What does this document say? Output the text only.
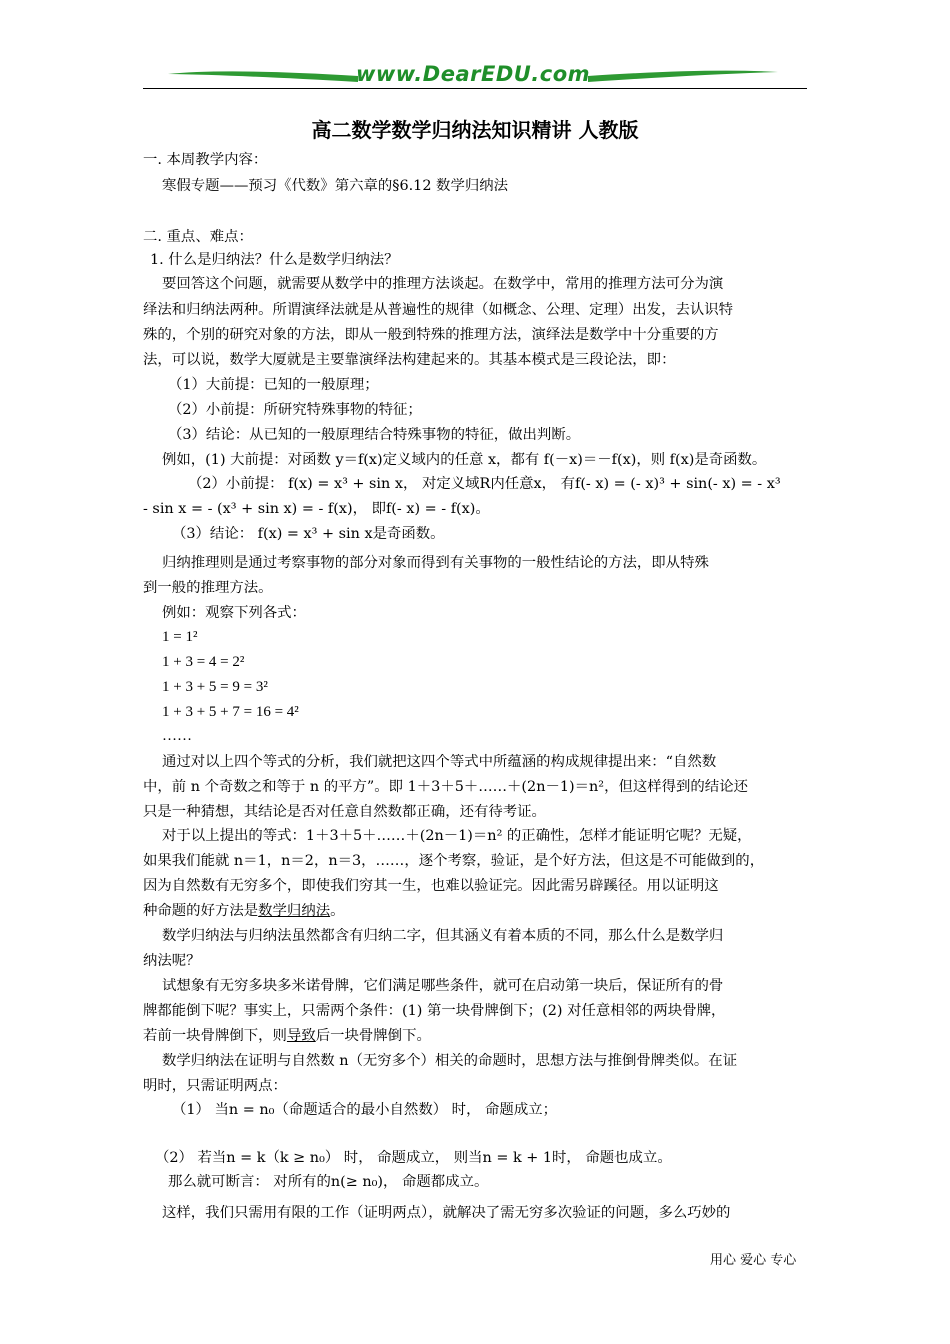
www.DearEDU.com
高二数学数学归纳法知识精讲 人教版
一. 本周教学内容：
寒假专题——预习《代数》第六章的§6.12 数学归纳法
二. 重点、难点：
1. 什么是归纳法？什么是数学归纳法？
要回答这个问题，就需要从数学中的推理方法谈起。在数学中，常用的推理方法可分为演
绎法和归纳法两种。所谓演绎法就是从普遍性的规律（如概念、公理、定理）出发，去认识特
殊的，个别的研究对象的方法，即从一般到特殊的推理方法，演绎法是数学中十分重要的方
法，可以说，数学大厦就是主要靠演绎法构建起来的。其基本模式是三段论法，即：
（1）大前提：已知的一般原理；
（2）小前提：所研究特殊事物的特征；
（3）结论：从已知的一般原理结合特殊事物的特征，做出判断。
例如，(1) 大前提：对函数 y＝f(x)定义域内的任意 x，都有 f(－x)＝－f(x)，则 f(x)是奇函数。
（2）小前提： f(x) = x³ + sin x， 对定义域R内任意x， 有f(- x) = (- x)³ + sin(- x) = - x³
- sin x = - (x³ + sin x) = - f(x)， 即f(- x) = - f(x)。
（3）结论： f(x) = x³ + sin x是奇函数。
归纳推理则是通过考察事物的部分对象而得到有关事物的一般性结论的方法，即从特殊
到一般的推理方法。
例如：观察下列各式：
1 = 1²
1 + 3 = 4 = 2²
1 + 3 + 5 = 9 = 3²
1 + 3 + 5 + 7 = 16 = 4²
……
通过对以上四个等式的分析，我们就把这四个等式中所蕴涵的构成规律提出来：“自然数
中，前 n 个奇数之和等于 n 的平方”。即 1＋3＋5＋……＋(2n－1)＝n²，但这样得到的结论还
只是一种猜想，其结论是否对任意自然数都正确，还有待考证。
对于以上提出的等式：1＋3＋5＋……＋(2n－1)＝n² 的正确性，怎样才能证明它呢？无疑，
如果我们能就 n＝1，n＝2，n＝3，……，逐个考察，验证，是个好方法，但这是不可能做到的，
因为自然数有无穷多个，即使我们穷其一生，也难以验证完。因此需另辟蹊径。用以证明这
种命题的好方法是数学归纳法。
数学归纳法与归纳法虽然都含有归纳二字，但其涵义有着本质的不同，那么什么是数学归
纳法呢？
试想象有无穷多块多米诺骨牌，它们满足哪些条件，就可在启动第一块后，保证所有的骨
牌都能倒下呢？事实上，只需两个条件：(1) 第一块骨牌倒下；(2) 对任意相邻的两块骨牌，
若前一块骨牌倒下，则导致后一块骨牌倒下。
数学归纳法在证明与自然数 n（无穷多个）相关的命题时，思想方法与推倒骨牌类似。在证
明时，只需证明两点：
（1） 当n = n₀（命题适合的最小自然数） 时， 命题成立；
（2） 若当n = k（k ≥ n₀） 时， 命题成立， 则当n = k + 1时， 命题也成立。
那么就可断言： 对所有的n(≥ n₀)， 命题都成立。
这样，我们只需用有限的工作（证明两点），就解决了需无穷多次验证的问题，多么巧妙的
用心 爱心 专心
